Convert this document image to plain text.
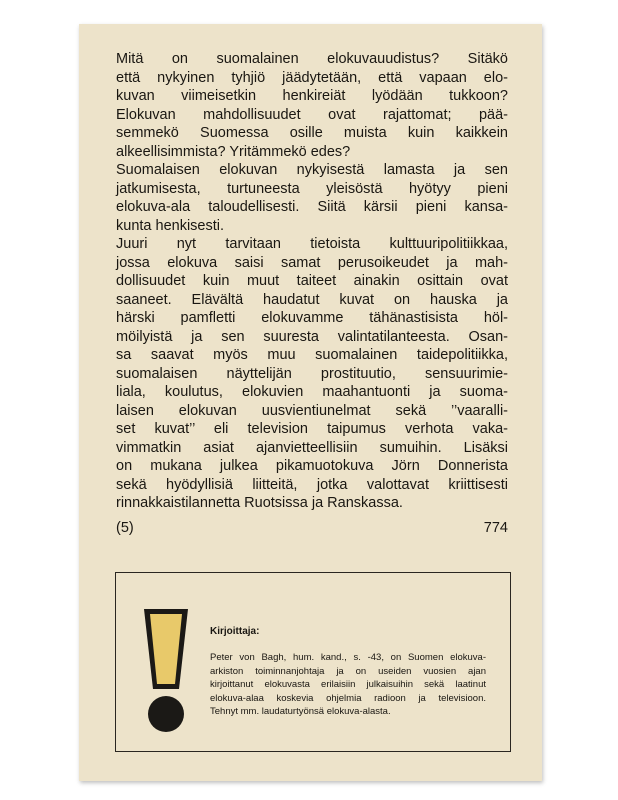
Mitä on suomalainen elokuvauudistus? Sitäkö
että nykyinen tyhjiö jäädytetään, että vapaan elo-
kuvan viimeisetkin henkireiät lyödään tukkoon?
Elokuvan mahdollisuudet ovat rajattomat; pää-
semmekö Suomessa osille muista kuin kaikkein
alkeellisimmista? Yritämmekö edes?
Suomalaisen elokuvan nykyisestä lamasta ja sen
jatkumisesta, turtuneesta yleisöstä hyötyy pieni
elokuva-ala taloudellisesti. Siitä kärsii pieni kansa-
kunta henkisesti.
Juuri nyt tarvitaan tietoista kulttuuripolitiikkaa,
jossa elokuva saisi samat perusoikeudet ja mah-
dollisuudet kuin muut taiteet ainakin osittain ovat
saaneet. Elävältä haudatut kuvat on hauska ja
härski pamfletti elokuvamme tähänastisista höl-
möilyistä ja sen suuresta valintatilanteesta. Osan-
sa saavat myös muu suomalainen taidepolitiikka,
suomalaisen näyttelijän prostituutio, sensuurimie-
liala, koulutus, elokuvien maahantuonti ja suoma-
laisen elokuvan uusvientiunelmat sekä ’’vaaralli-
set kuvat’’ eli television taipumus verhota vaka-
vimmatkin asiat ajanvietteellisiin sumuihin. Lisäksi
on mukana julkea pikamuotokuva Jörn Donnerista
sekä hyödyllisiä liitteitä, jotka valottavat kriittisesti
rinnakkaistilannetta Ruotsissa ja Ranskassa.
(5)	774
Kirjoittaja:
Peter von Bagh, hum. kand., s. -43, on Suomen elokuva-
arkiston toiminnanjohtaja ja on useiden vuosien ajan
kirjoittanut elokuvasta erilaisiin julkaisuihin sekä laatinut
elokuva-alaa koskevia ohjelmia radioon ja televisioon.
Tehnyt mm. laudaturtyönsä elokuva-alasta.
